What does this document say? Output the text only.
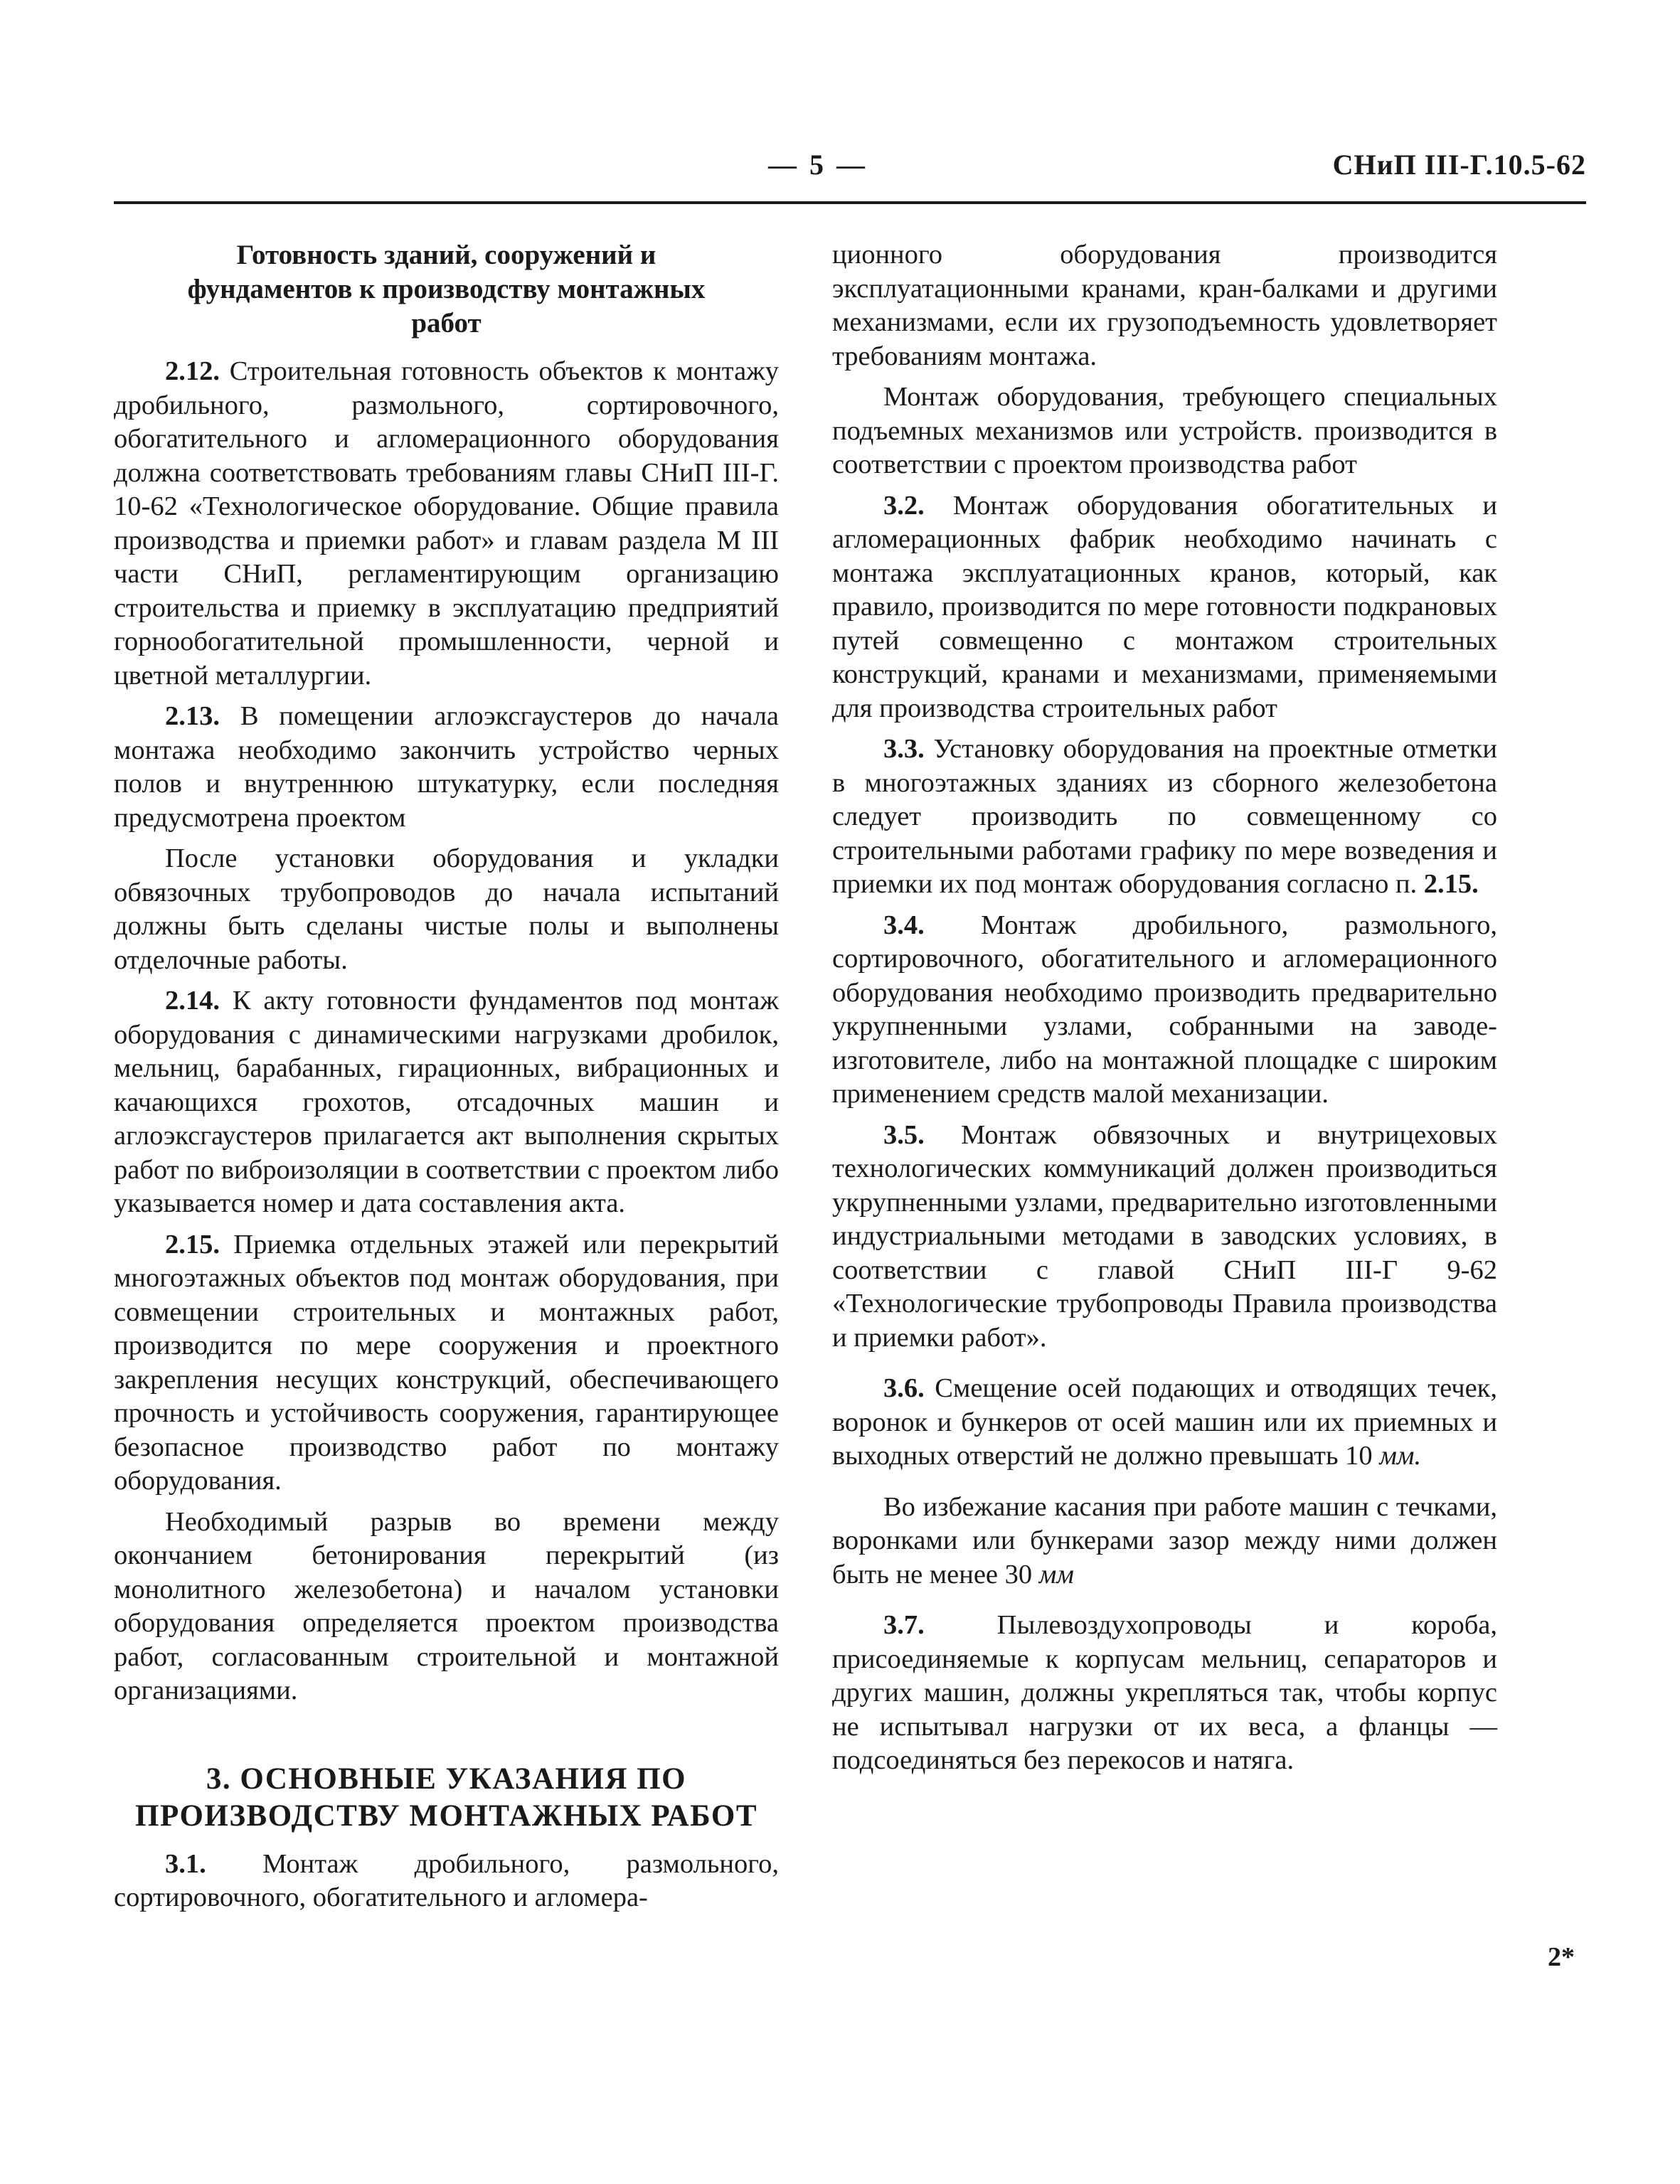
— 5 —	СНиП III-Г.10.5-62
Готовность зданий, сооружений и фундаментов к производству монтажных работ

2.12. Строительная готовность объектов к монтажу дробильного, размольного, сортировочного, обогатительного и агломерационного оборудования должна соответствовать требованиям главы СНиП III-Г. 10-62 «Технологическое оборудование. Общие правила производства и приемки работ» и главам раздела М III части СНиП, регламентирующим организацию строительства и приемку в эксплуатацию предприятий горнообогатительной промышленности, черной и цветной металлургии.

2.13. В помещении аглоэксгаустеров до начала монтажа необходимо закончить устройство черных полов и внутреннюю штукатурку, если последняя предусмотрена проектом

После установки оборудования и укладки обвязочных трубопроводов до начала испытаний должны быть сделаны чистые полы и выполнены отделочные работы.

2.14. К акту готовности фундаментов под монтаж оборудования с динамическими нагрузками дробилок, мельниц, барабанных, гирационных, вибрационных и качающихся грохотов, отсадочных машин и аглоэксгаустеров прилагается акт выполнения скрытых работ по виброизоляции в соответствии с проектом либо указывается номер и дата составления акта.

2.15. Приемка отдельных этажей или перекрытий многоэтажных объектов под монтаж оборудования, при совмещении строительных и монтажных работ, производится по мере сооружения и проектного закрепления несущих конструкций, обеспечивающего прочность и устойчивость сооружения, гарантирующее безопасное производство работ по монтажу оборудования.

Необходимый разрыв во времени между окончанием бетонирования перекрытий (из монолитного железобетона) и началом установки оборудования определяется проектом производства работ, согласованным строительной и монтажной организациями.

3. ОСНОВНЫЕ УКАЗАНИЯ ПО ПРОИЗВОДСТВУ МОНТАЖНЫХ РАБОТ

3.1. Монтаж дробильного, размольного, сортировочного, обогатительного и агломера-

ционного оборудования производится эксплуатационными кранами, кран-балками и другими механизмами, если их грузоподъемность удовлетворяет требованиям монтажа.

Монтаж оборудования, требующего специальных подъемных механизмов или устройств. производится в соответствии с проектом производства работ

3.2. Монтаж оборудования обогатительных и агломерационных фабрик необходимо начинать с монтажа эксплуатационных кранов, который, как правило, производится по мере готовности подкрановых путей совмещенно с монтажом строительных конструкций, кранами и механизмами, применяемыми для производства строительных работ

3.3. Установку оборудования на проектные отметки в многоэтажных зданиях из сборного железобетона следует производить по совмещенному со строительными работами графику по мере возведения и приемки их под монтаж оборудования согласно п. 2.15.

3.4. Монтаж дробильного, размольного, сортировочного, обогатительного и агломерационного оборудования необходимо производить предварительно укрупненными узлами, собранными на заводе-изготовителе, либо на монтажной площадке с широким применением средств малой механизации.

3.5. Монтаж обвязочных и внутрицеховых технологических коммуникаций должен производиться укрупненными узлами, предварительно изготовленными индустриальными методами в заводских условиях, в соответствии с главой СНиП III-Г 9-62 «Технологические трубопроводы Правила производства и приемки работ».

3.6. Смещение осей подающих и отводящих течек, воронок и бункеров от осей машин или их приемных и выходных отверстий не должно превышать 10 мм.

Во избежание касания при работе машин с течками, воронками или бункерами зазор между ними должен быть не менее 30 мм

3.7.	Пылевоздухопроводы и короба, присоединяемые к корпусам мельниц, сепараторов и других машин, должны укрепляться так, чтобы корпус не испытывал нагрузки от их веса, а фланцы — подсоединяться без перекосов и натяга.

2*
